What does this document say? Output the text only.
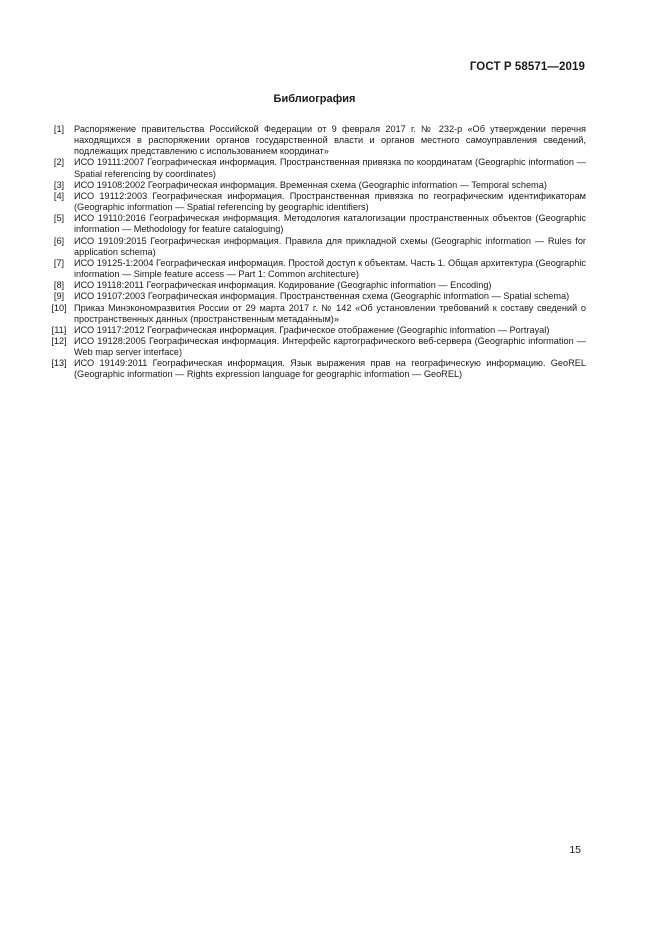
ГОСТ Р 58571—2019
Библиография
[1]	Распоряжение правительства Российской Федерации от 9 февраля 2017 г. № 232-р «Об утверждении перечня находящихся в распоряжении органов государственной власти и органов местного самоуправления сведений, подлежащих представлению с использованием координат»
[2]	ИСО 19111:2007 Географическая информация. Пространственная привязка по координатам (Geographic information — Spatial referencing by coordinates)
[3]	ИСО 19108:2002 Географическая информация. Временная схема (Geographic information — Temporal schema)
[4]	ИСО 19112:2003 Географическая информация. Пространственная привязка по географическим идентификаторам (Geographic information — Spatial referencing by geographic identifiers)
[5]	ИСО 19110:2016 Географическая информация. Методология каталогизации пространственных объектов (Geographic information — Methodology for feature cataloguing)
[6]	ИСО 19109:2015 Географическая информация. Правила для прикладной схемы (Geographic information — Rules for application schema)
[7]	ИСО 19125-1:2004 Географическая информация. Простой доступ к объектам. Часть 1. Общая архитектура (Geographic information — Simple feature access — Part 1: Common architecture)
[8]	ИСО 19118:2011 Географическая информация. Кодирование (Geographic information — Encoding)
[9]	ИСО 19107:2003 Географическая информация. Пространственная схема (Geographic information — Spatial schema)
[10] Приказ Минэкономразвития России от 29 марта 2017 г. № 142 «Об установлении требований к составу сведений о пространственных данных (пространственным метаданным)»
[11] ИСО 19117:2012 Географическая информация. Графическое отображение (Geographic information — Portrayal)
[12] ИСО 19128:2005 Географическая информация. Интерфейс картографического веб-сервера (Geographic information — Web map server interface)
[13] ИСО 19149:2011 Географическая информация. Язык выражения прав на географическую информацию. GeoREL (Geographic information — Rights expression language for geographic information — GeoREL)
15
